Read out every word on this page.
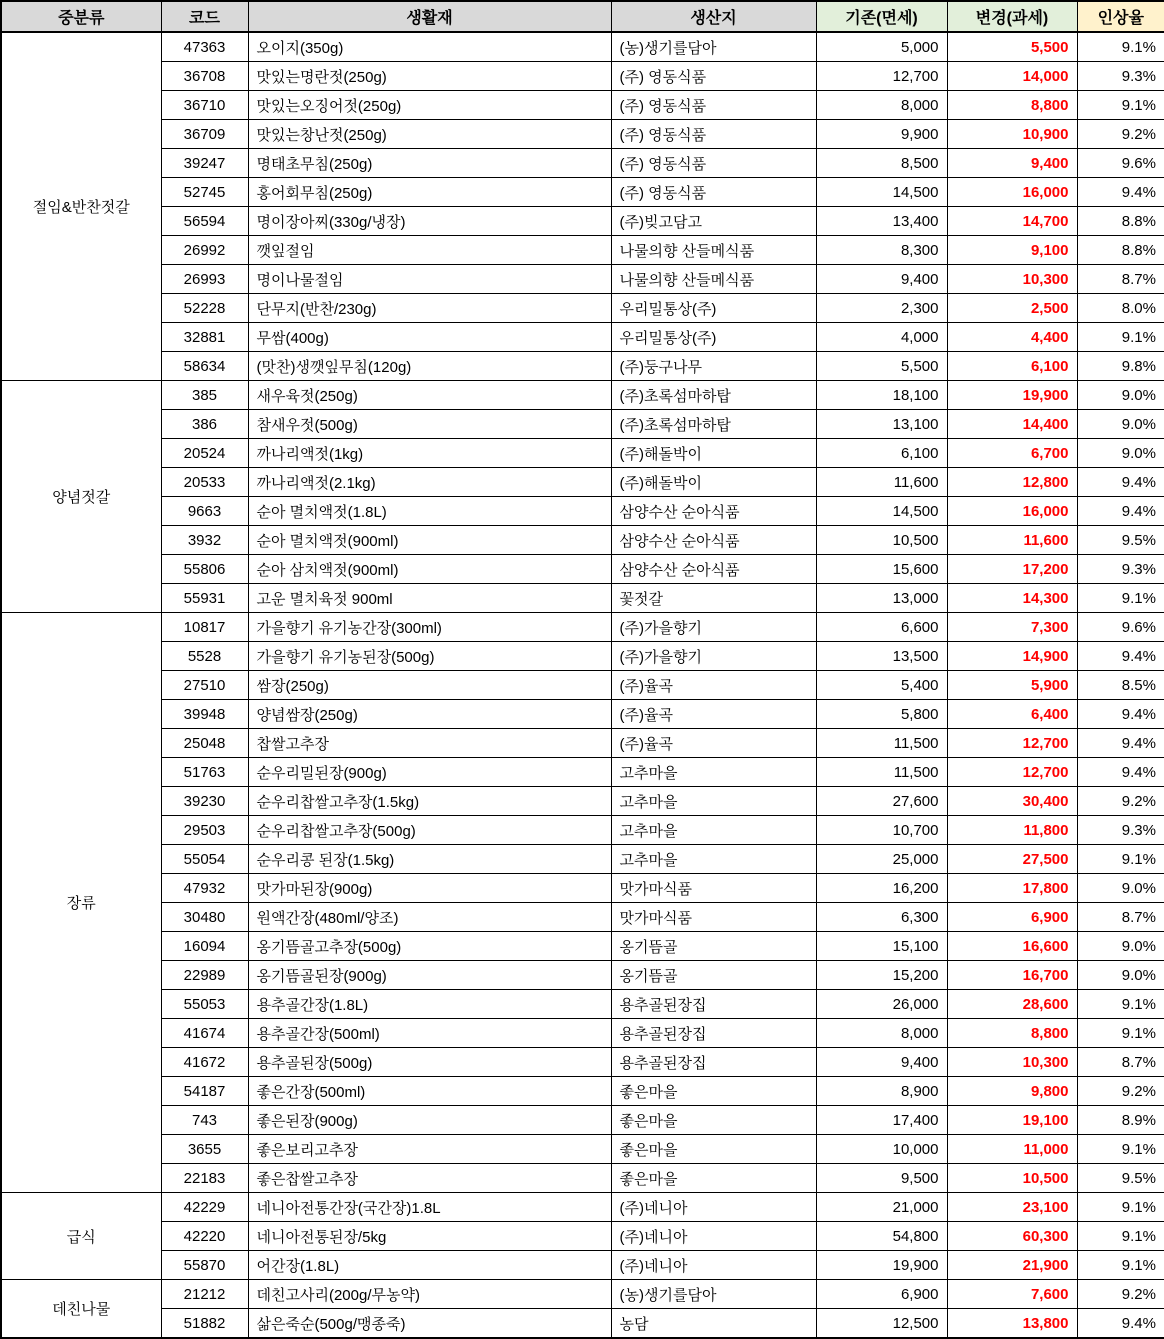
중분류	코드	생활재	생산지	기존(면세)	변경(과세)	인상율
절임&반찬젓갈	47363	오이지(350g)	(농)생기를담아	5,000	5,500	9.1%
	36708	맛있는명란젓(250g)	(주) 영동식품	12,700	14,000	9.3%
	36710	맛있는오징어젓(250g)	(주) 영동식품	8,000	8,800	9.1%
	36709	맛있는창난젓(250g)	(주) 영동식품	9,900	10,900	9.2%
	39247	명태초무침(250g)	(주) 영동식품	8,500	9,400	9.6%
	52745	홍어회무침(250g)	(주) 영동식품	14,500	16,000	9.4%
	56594	명이장아찌(330g/냉장)	(주)빚고담고	13,400	14,700	8.8%
	26992	깻잎절임	나물의향 산들메식품	8,300	9,100	8.8%
	26993	명이나물절임	나물의향 산들메식품	9,400	10,300	8.7%
	52228	단무지(반찬/230g)	우리밀통상(주)	2,300	2,500	8.0%
	32881	무쌈(400g)	우리밀통상(주)	4,000	4,400	9.1%
	58634	(맛찬)생깻잎무침(120g)	(주)둥구나무	5,500	6,100	9.8%
양념젓갈	385	새우육젓(250g)	(주)초록섬마하탑	18,100	19,900	9.0%
	386	참새우젓(500g)	(주)초록섬마하탑	13,100	14,400	9.0%
	20524	까나리액젓(1kg)	(주)해돌박이	6,100	6,700	9.0%
	20533	까나리액젓(2.1kg)	(주)해돌박이	11,600	12,800	9.4%
	9663	순아 멸치액젓(1.8L)	삼양수산 순아식품	14,500	16,000	9.4%
	3932	순아 멸치액젓(900ml)	삼양수산 순아식품	10,500	11,600	9.5%
	55806	순아 삼치액젓(900ml)	삼양수산 순아식품	15,600	17,200	9.3%
	55931	고운 멸치육젓 900ml	꽃젓갈	13,000	14,300	9.1%
장류	10817	가을향기 유기농간장(300ml)	(주)가을향기	6,600	7,300	9.6%
	5528	가을향기 유기농된장(500g)	(주)가을향기	13,500	14,900	9.4%
	27510	쌈장(250g)	(주)율곡	5,400	5,900	8.5%
	39948	양념쌈장(250g)	(주)율곡	5,800	6,400	9.4%
	25048	찹쌀고추장	(주)율곡	11,500	12,700	9.4%
	51763	순우리밀된장(900g)	고추마을	11,500	12,700	9.4%
	39230	순우리찹쌀고추장(1.5kg)	고추마을	27,600	30,400	9.2%
	29503	순우리찹쌀고추장(500g)	고추마을	10,700	11,800	9.3%
	55054	순우리콩 된장(1.5kg)	고추마을	25,000	27,500	9.1%
	47932	맛가마된장(900g)	맛가마식품	16,200	17,800	9.0%
	30480	원액간장(480ml/양조)	맛가마식품	6,300	6,900	8.7%
	16094	옹기뜸골고추장(500g)	옹기뜸골	15,100	16,600	9.0%
	22989	옹기뜸골된장(900g)	옹기뜸골	15,200	16,700	9.0%
	55053	용추골간장(1.8L)	용추골된장집	26,000	28,600	9.1%
	41674	용추골간장(500ml)	용추골된장집	8,000	8,800	9.1%
	41672	용추골된장(500g)	용추골된장집	9,400	10,300	8.7%
	54187	좋은간장(500ml)	좋은마을	8,900	9,800	9.2%
	743	좋은된장(900g)	좋은마을	17,400	19,100	8.9%
	3655	좋은보리고추장	좋은마을	10,000	11,000	9.1%
	22183	좋은찹쌀고추장	좋은마을	9,500	10,500	9.5%
급식	42229	네니아전통간장(국간장)1.8L	(주)네니아	21,000	23,100	9.1%
	42220	네니아전통된장/5kg	(주)네니아	54,800	60,300	9.1%
	55870	어간장(1.8L)	(주)네니아	19,900	21,900	9.1%
데친나물	21212	데친고사리(200g/무농약)	(농)생기를담아	6,900	7,600	9.2%
	51882	삶은죽순(500g/맹종죽)	농담	12,500	13,800	9.4%
